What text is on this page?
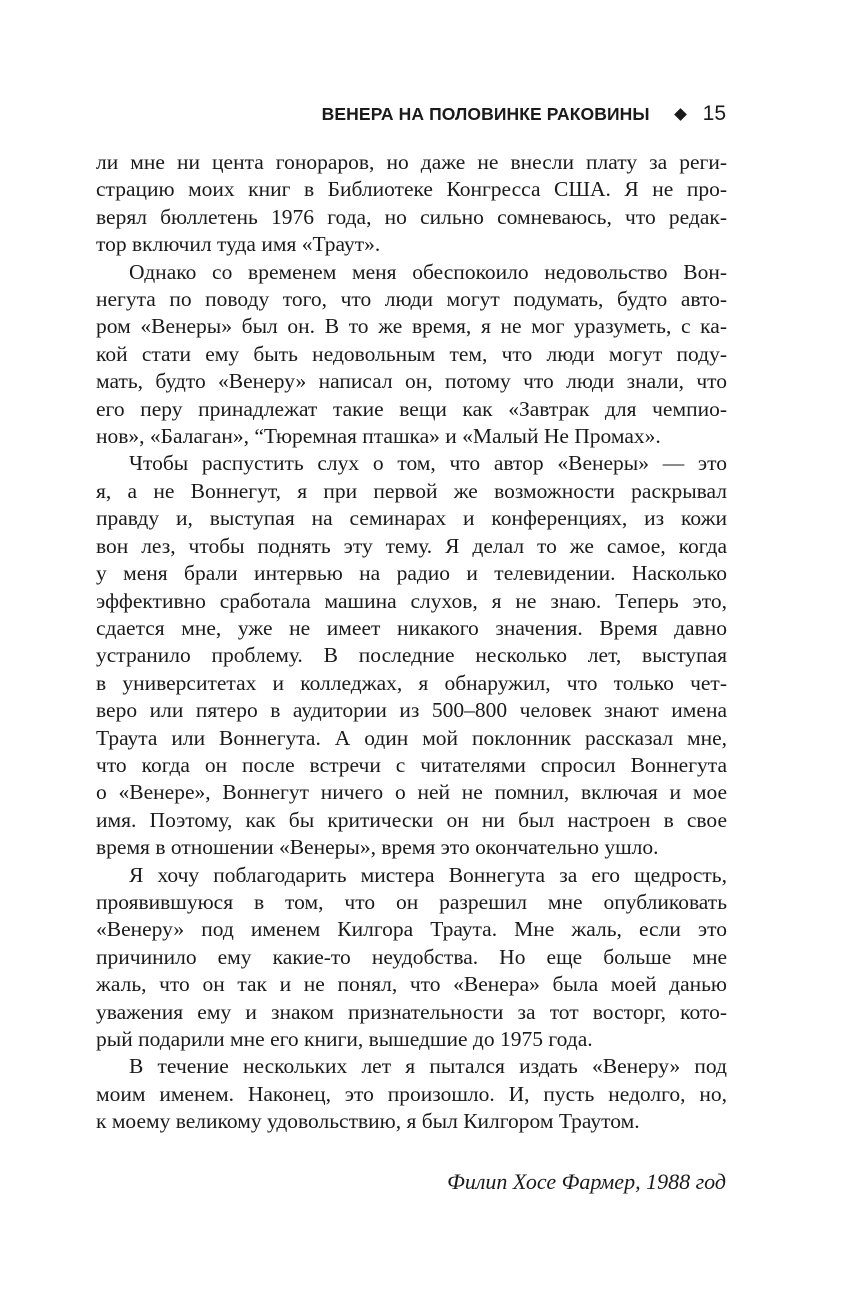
ВЕНЕРА НА ПОЛОВИНКЕ РАКОВИНЫ	15
ли мне ни цента гонораров, но даже не внесли плату за реги-
страцию моих книг в Библиотеке Конгресса США. Я не про-
верял бюллетень 1976 года, но сильно сомневаюсь, что редак-
тор включил туда имя «Траут».
Однако со временем меня обеспокоило недовольство Вон-
негута по поводу того, что люди могут подумать, будто авто-
ром «Венеры» был он. В то же время, я не мог уразуметь, с ка-
кой стати ему быть недовольным тем, что люди могут поду-
мать, будто «Венеру» написал он, потому что люди знали, что
его перу принадлежат такие вещи как «Завтрак для чемпио-
нов», «Балаган», “Тюремная пташка» и «Малый Не Промах».
Чтобы распустить слух о том, что автор «Венеры» — это
я, а не Воннегут, я при первой же возможности раскрывал
правду и, выступая на семинарах и конференциях, из кожи
вон лез, чтобы поднять эту тему. Я делал то же самое, когда
у меня брали интервью на радио и телевидении. Насколько
эффективно сработала машина слухов, я не знаю. Теперь это,
сдается мне, уже не имеет никакого значения. Время давно
устранило проблему. В последние несколько лет, выступая
в университетах и колледжах, я обнаружил, что только чет-
веро или пятеро в аудитории из 500–800 человек знают имена
Траута или Воннегута. А один мой поклонник рассказал мне,
что когда он после встречи с читателями спросил Воннегута
о «Венере», Воннегут ничего о ней не помнил, включая и мое
имя. Поэтому, как бы критически он ни был настроен в свое
время в отношении «Венеры», время это окончательно ушло.
Я хочу поблагодарить мистера Воннегута за его щедрость,
проявившуюся в том, что он разрешил мне опубликовать
«Венеру» под именем Килгора Траута. Мне жаль, если это
причинило ему какие-то неудобства. Но еще больше мне
жаль, что он так и не понял, что «Венера» была моей данью
уважения ему и знаком признательности за тот восторг, кото-
рый подарили мне его книги, вышедшие до 1975 года.
В течение нескольких лет я пытался издать «Венеру» под
моим именем. Наконец, это произошло. И, пусть недолго, но,
к моему великому удовольствию, я был Килгором Траутом.
Филип Хосе Фармер, 1988 год
